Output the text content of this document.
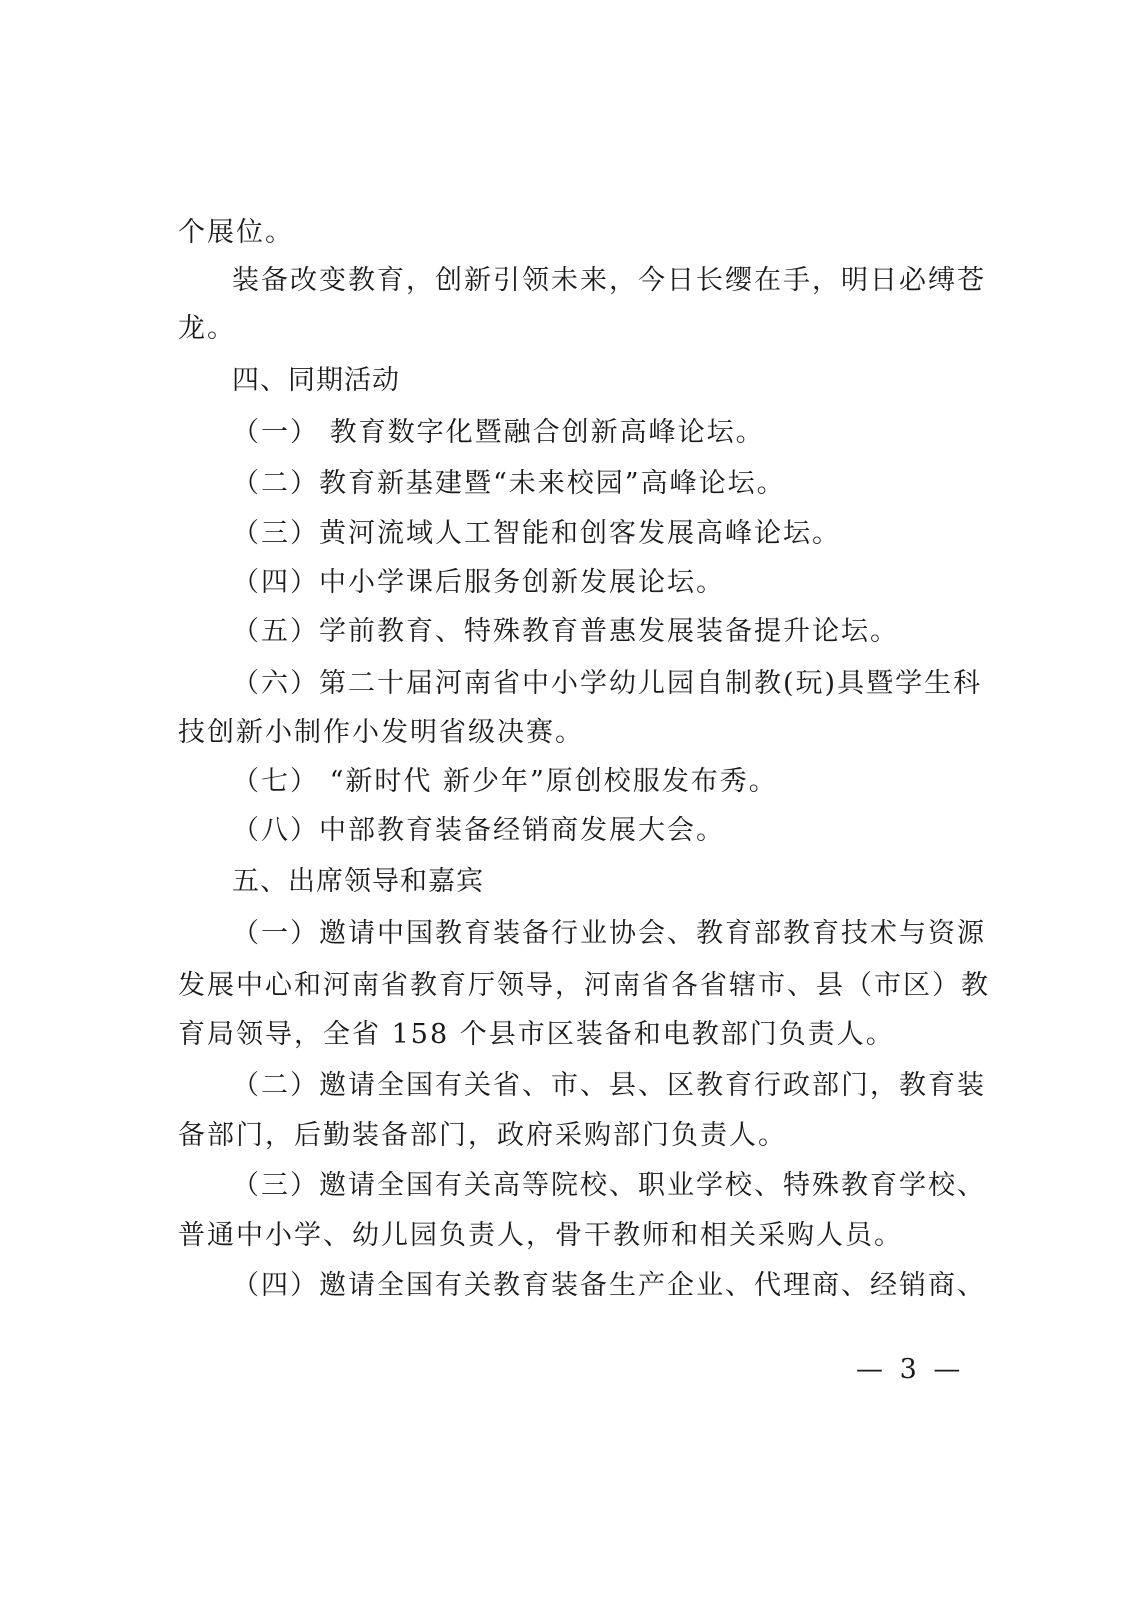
个展位。
装备改变教育，创新引领未来，今日长缨在手，明日必缚苍
龙。
四、同期活动
（一） 教育数字化暨融合创新高峰论坛。
（二）教育新基建暨“未来校园”高峰论坛。
（三）黄河流域人工智能和创客发展高峰论坛。
（四）中小学课后服务创新发展论坛。
（五）学前教育、特殊教育普惠发展装备提升论坛。
（六）第二十届河南省中小学幼儿园自制教(玩)具暨学生科
技创新小制作小发明省级决赛。
（七） “新时代 新少年”原创校服发布秀。
（八）中部教育装备经销商发展大会。
五、出席领导和嘉宾
（一）邀请中国教育装备行业协会、教育部教育技术与资源
发展中心和河南省教育厅领导，河南省各省辖市、县（市区）教
育局领导，全省 158 个县市区装备和电教部门负责人。
（二）邀请全国有关省、市、县、区教育行政部门，教育装
备部门，后勤装备部门，政府采购部门负责人。
（三）邀请全国有关高等院校、职业学校、特殊教育学校、
普通中小学、幼儿园负责人，骨干教师和相关采购人员。
（四）邀请全国有关教育装备生产企业、代理商、经销商、
— 3 —
